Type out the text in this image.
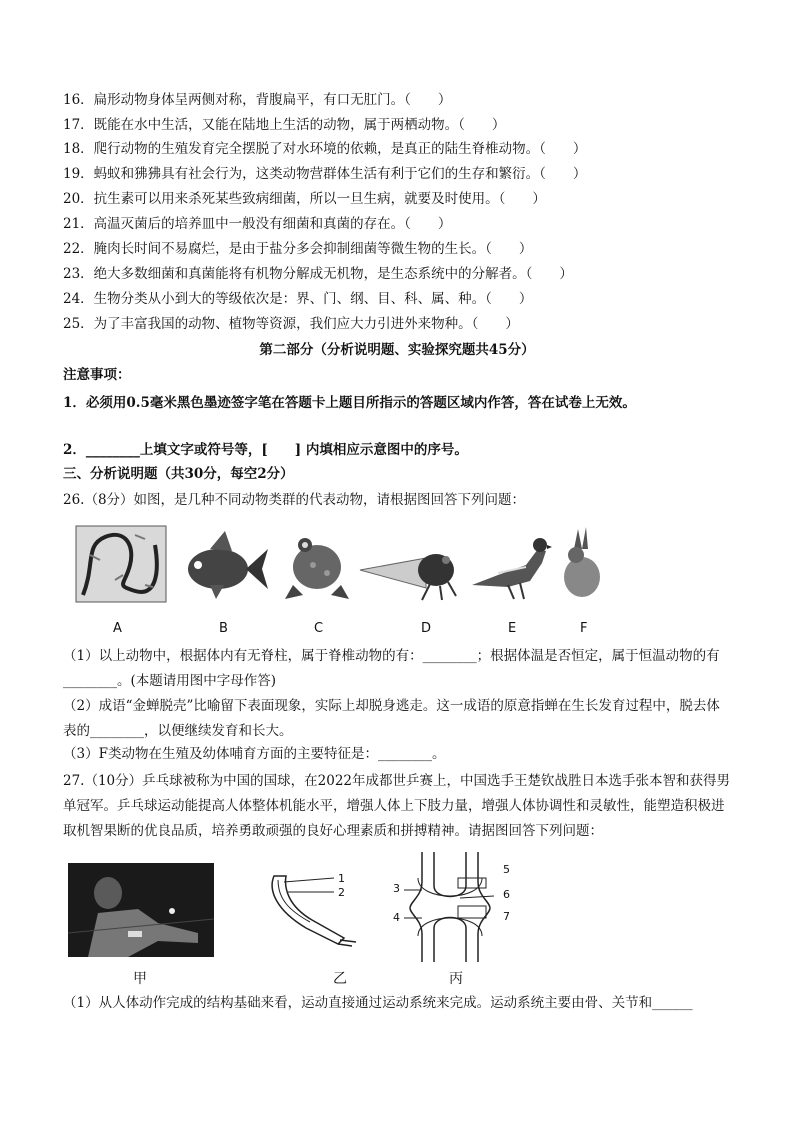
16．扁形动物身体呈两侧对称，背腹扁平，有口无肛门。（　　）
17．既能在水中生活，又能在陆地上生活的动物，属于两栖动物。（　　）
18．爬行动物的生殖发育完全摆脱了对水环境的依赖，是真正的陆生脊椎动物。（　　）
19．蚂蚁和狒狒具有社会行为，这类动物营群体生活有利于它们的生存和繁衍。（　　）
20．抗生素可以用来杀死某些致病细菌，所以一旦生病，就要及时使用。（　　）
21．高温灭菌后的培养皿中一般没有细菌和真菌的存在。（　　）
22．腌肉长时间不易腐烂，是由于盐分多会抑制细菌等微生物的生长。（　　）
23．绝大多数细菌和真菌能将有机物分解成无机物，是生态系统中的分解者。（　　）
24．生物分类从小到大的等级依次是：界、门、纲、目、科、属、种。（　　）
25．为了丰富我国的动物、植物等资源，我们应大力引进外来物种。（　　）
第二部分（分析说明题、实验探究题共45分）
注意事项：
1．必须用0.5毫米黑色墨迹签字笔在答题卡上题目所指示的答题区域内作答，答在试卷上无效。
2．________上填文字或符号等，[　　] 内填相应示意图中的序号。
三、分析说明题（共30分，每空2分）
26.（8分）如图，是几种不同动物类群的代表动物，请根据图回答下列问题：
A	B	C	D	E	F
（1）以上动物中，根据体内有无脊柱，属于脊椎动物的有：________；根据体温是否恒定，属于恒温动物的有________。(本题请用图中字母作答)
（2）成语“金蝉脱壳”比喻留下表面现象，实际上却脱身逃走。这一成语的原意指蝉在生长发育过程中，脱去体表的________，以便继续发育和长大。
（3）F类动物在生殖及幼体哺育方面的主要特征是：________。
27.（10分）乒乓球被称为中国的国球，在2022年成都世乒赛上，中国选手王楚钦战胜日本选手张本智和获得男单冠军。乒乓球运动能提高人体整体机能水平，增强人体上下肢力量，增强人体协调性和灵敏性，能塑造积极进取机智果断的优良品质，培养勇敢顽强的良好心理素质和拼搏精神。请据图回答下列问题：
1
2	3
4
5
6
7
甲	乙	丙
（1）从人体动作完成的结构基础来看，运动直接通过运动系统来完成。运动系统主要由骨、关节和______
